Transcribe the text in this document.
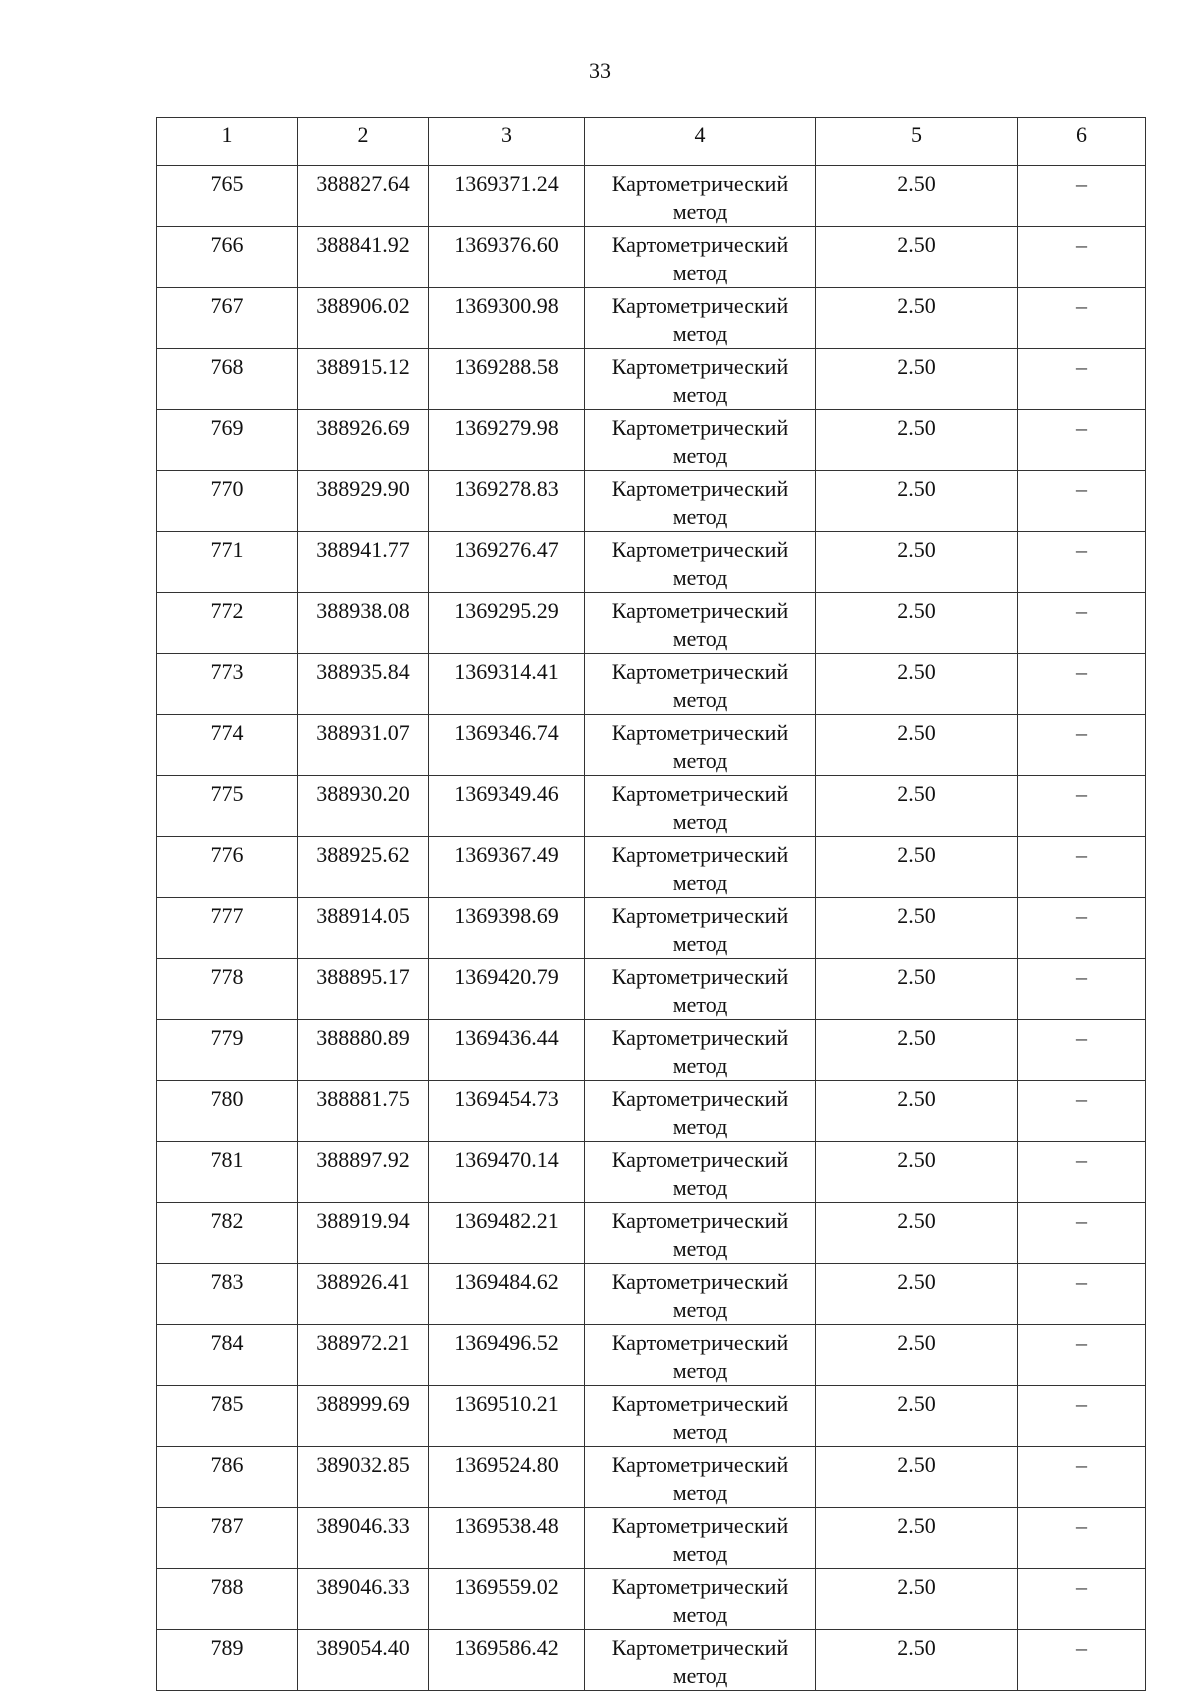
33
1	2	3	4	5	6
765	388827.64	1369371.24	Картометрический метод	2.50	–
766	388841.92	1369376.60	Картометрический метод	2.50	–
767	388906.02	1369300.98	Картометрический метод	2.50	–
768	388915.12	1369288.58	Картометрический метод	2.50	–
769	388926.69	1369279.98	Картометрический метод	2.50	–
770	388929.90	1369278.83	Картометрический метод	2.50	–
771	388941.77	1369276.47	Картометрический метод	2.50	–
772	388938.08	1369295.29	Картометрический метод	2.50	–
773	388935.84	1369314.41	Картометрический метод	2.50	–
774	388931.07	1369346.74	Картометрический метод	2.50	–
775	388930.20	1369349.46	Картометрический метод	2.50	–
776	388925.62	1369367.49	Картометрический метод	2.50	–
777	388914.05	1369398.69	Картометрический метод	2.50	–
778	388895.17	1369420.79	Картометрический метод	2.50	–
779	388880.89	1369436.44	Картометрический метод	2.50	–
780	388881.75	1369454.73	Картометрический метод	2.50	–
781	388897.92	1369470.14	Картометрический метод	2.50	–
782	388919.94	1369482.21	Картометрический метод	2.50	–
783	388926.41	1369484.62	Картометрический метод	2.50	–
784	388972.21	1369496.52	Картометрический метод	2.50	–
785	388999.69	1369510.21	Картометрический метод	2.50	–
786	389032.85	1369524.80	Картометрический метод	2.50	–
787	389046.33	1369538.48	Картометрический метод	2.50	–
788	389046.33	1369559.02	Картометрический метод	2.50	–
789	389054.40	1369586.42	Картометрический метод	2.50	–
